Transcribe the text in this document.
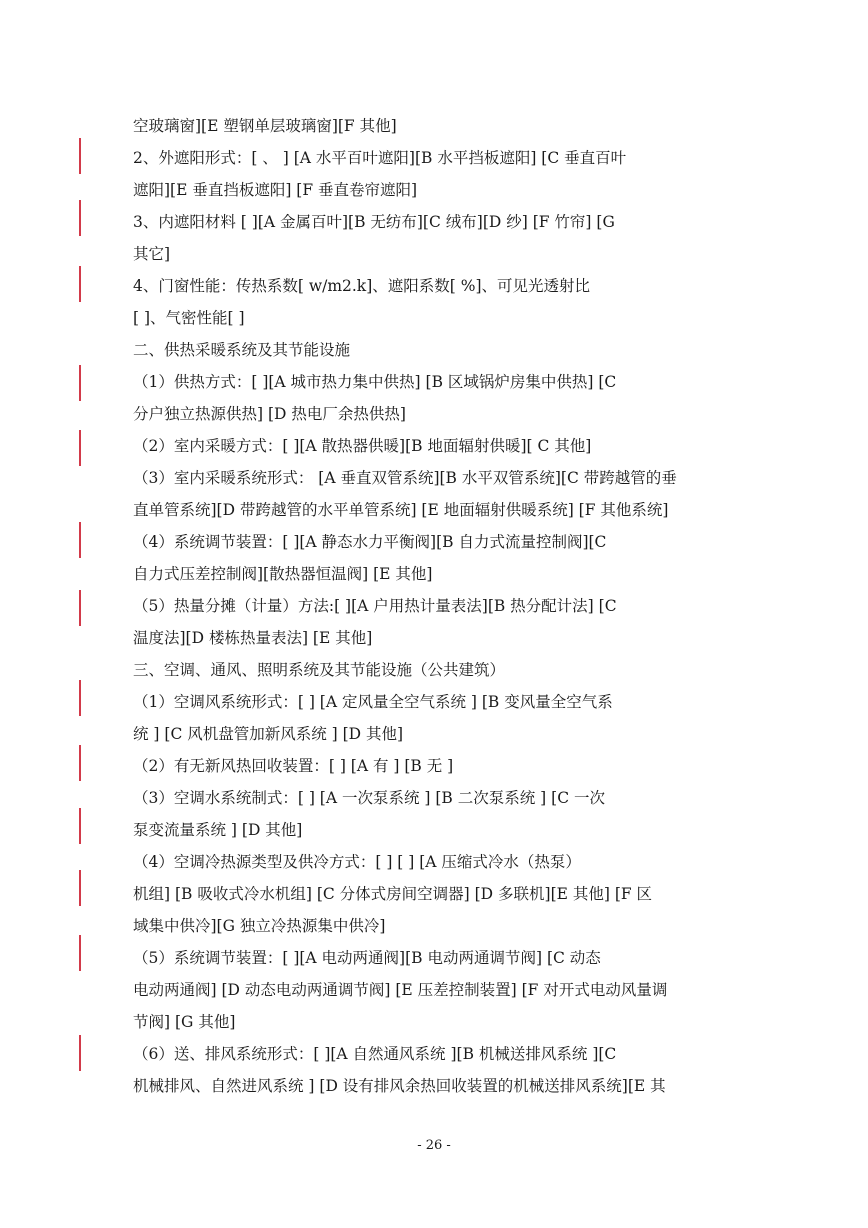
空玻璃窗][E 塑钢单层玻璃窗][F 其他]
2、外遮阳形式：[ 、 ] [A 水平百叶遮阳][B 水平挡板遮阳] [C 垂直百叶
遮阳][E 垂直挡板遮阳] [F 垂直卷帘遮阳]
3、内遮阳材料 [ ][A 金属百叶][B 无纺布][C 绒布][D 纱] [F 竹帘] [G
其它]
4、门窗性能：传热系数[ w/m2.k]、遮阳系数[ %]、可见光透射比
[ ]、气密性能[ ]
二、供热采暖系统及其节能设施
（1）供热方式：[ ][A 城市热力集中供热] [B 区域锅炉房集中供热] [C
分户独立热源供热] [D 热电厂余热供热]
（2）室内采暖方式：[ ][A 散热器供暖][B 地面辐射供暖][ C 其他]
（3）室内采暖系统形式： [A 垂直双管系统][B 水平双管系统][C 带跨越管的垂
直单管系统][D 带跨越管的水平单管系统] [E 地面辐射供暖系统] [F 其他系统]
（4）系统调节装置：[ ][A 静态水力平衡阀][B 自力式流量控制阀][C
自力式压差控制阀][散热器恒温阀] [E 其他]
（5）热量分摊（计量）方法:[ ][A 户用热计量表法][B 热分配计法] [C
温度法][D 楼栋热量表法] [E 其他]
三、空调、通风、照明系统及其节能设施（公共建筑）
（1）空调风系统形式：[ ] [A 定风量全空气系统 ] [B 变风量全空气系
统 ] [C 风机盘管加新风系统 ] [D 其他]
（2）有无新风热回收装置：[ ] [A 有 ] [B 无 ]
（3）空调水系统制式：[ ] [A 一次泵系统 ] [B 二次泵系统 ] [C 一次
泵变流量系统 ] [D 其他]
（4）空调冷热源类型及供冷方式：[ ] [ ] [A 压缩式冷水（热泵）
机组] [B 吸收式冷水机组] [C 分体式房间空调器] [D 多联机][E 其他] [F 区
域集中供冷][G 独立冷热源集中供冷]
（5）系统调节装置：[ ][A 电动两通阀][B 电动两通调节阀] [C 动态
电动两通阀] [D 动态电动两通调节阀] [E 压差控制装置] [F 对开式电动风量调
节阀] [G 其他]
（6）送、排风系统形式：[ ][A 自然通风系统 ][B 机械送排风系统 ][C
机械排风、自然进风系统 ] [D 设有排风余热回收装置的机械送排风系统][E 其
- 26 -
